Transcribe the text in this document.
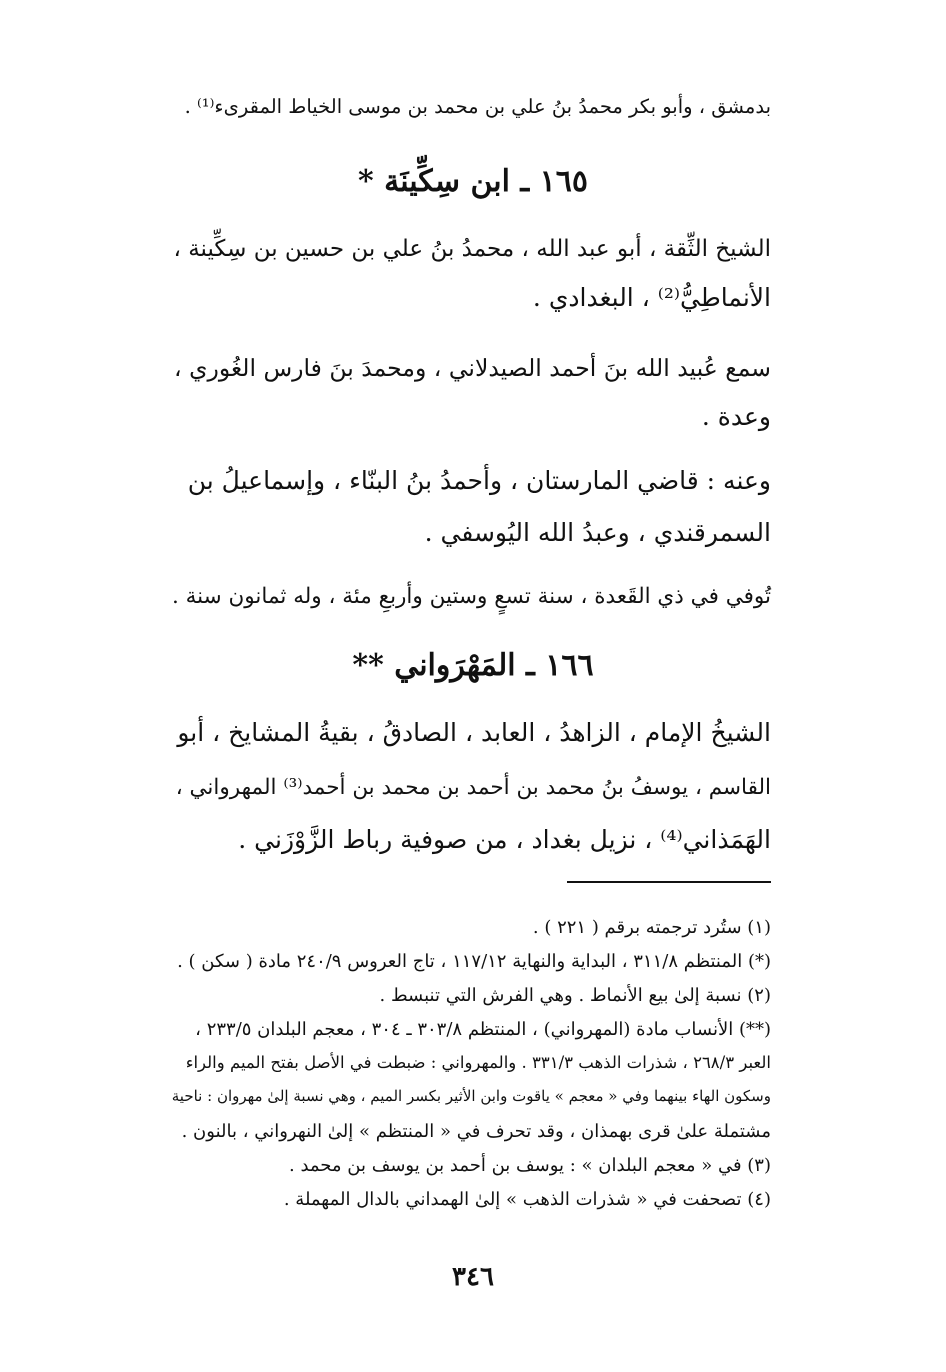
بدمشق ، وأبو بكر محمدُ بنُ علي بن محمد بن موسى الخياط المقرىء⁽¹⁾ .
١٦٥ ـ ابن سِكِّينَة *
الشيخ الثِّقة ، أبو عبد الله ، محمدُ بنُ علي بن حسين بن سِكِّينة ،
الأنماطِيُّ⁽²⁾ ، البغدادي .
سمع عُبيد الله بنَ أحمد الصيدلاني ، ومحمدَ بنَ فارس الغُوري ،
وعدة .
وعنه : قاضي المارستان ، وأحمدُ بنُ البنّاء ، وإسماعيلُ بن
السمرقندي ، وعبدُ الله اليُوسفي .
تُوفي في ذي القَعدة ، سنة تسعٍ وستين وأربعِ مئة ، وله ثمانون سنة .
١٦٦ ـ المَهْرَواني **
الشيخُ الإمام ، الزاهدُ ، العابد ، الصادقُ ، بقيةُ المشايخ ، أبو
القاسم ، يوسفُ بنُ محمد بن أحمد بن محمد بن أحمد⁽³⁾ المهرواني ،
الهَمَذاني⁽⁴⁾ ، نزيل بغداد ، من صوفية رباط الزَّوْزَني .
(١) ستُرد ترجمته برقم ( ٢٢١ ) .
(*) المنتظم ٣١١/٨ ، البداية والنهاية ١١٧/١٢ ، تاج العروس ٢٤٠/٩ مادة ( سكن ) .
(٢) نسبة إلىٰ بيع الأنماط . وهي الفرش التي تنبسط .
(**) الأنساب مادة (المهرواني) ، المنتظم ٣٠٣/٨ ـ ٣٠٤ ، معجم البلدان ٢٣٣/٥ ،
العبر ٢٦٨/٣ ، شذرات الذهب ٣٣١/٣ . والمهرواني : ضبطت في الأصل بفتح الميم والراء
وسكون الهاء بينهما وفي « معجم » ياقوت وابن الأثير بكسر الميم ، وهي نسبة إلىٰ مهروان : ناحية
مشتملة علىٰ قرى بهمذان ، وقد تحرف في « المنتظم » إلىٰ النهرواني ، بالنون .
(٣) في « معجم البلدان » : يوسف بن أحمد بن يوسف بن محمد .
(٤) تصحفت في « شذرات الذهب » إلىٰ الهمداني بالدال المهملة .
٣٤٦
